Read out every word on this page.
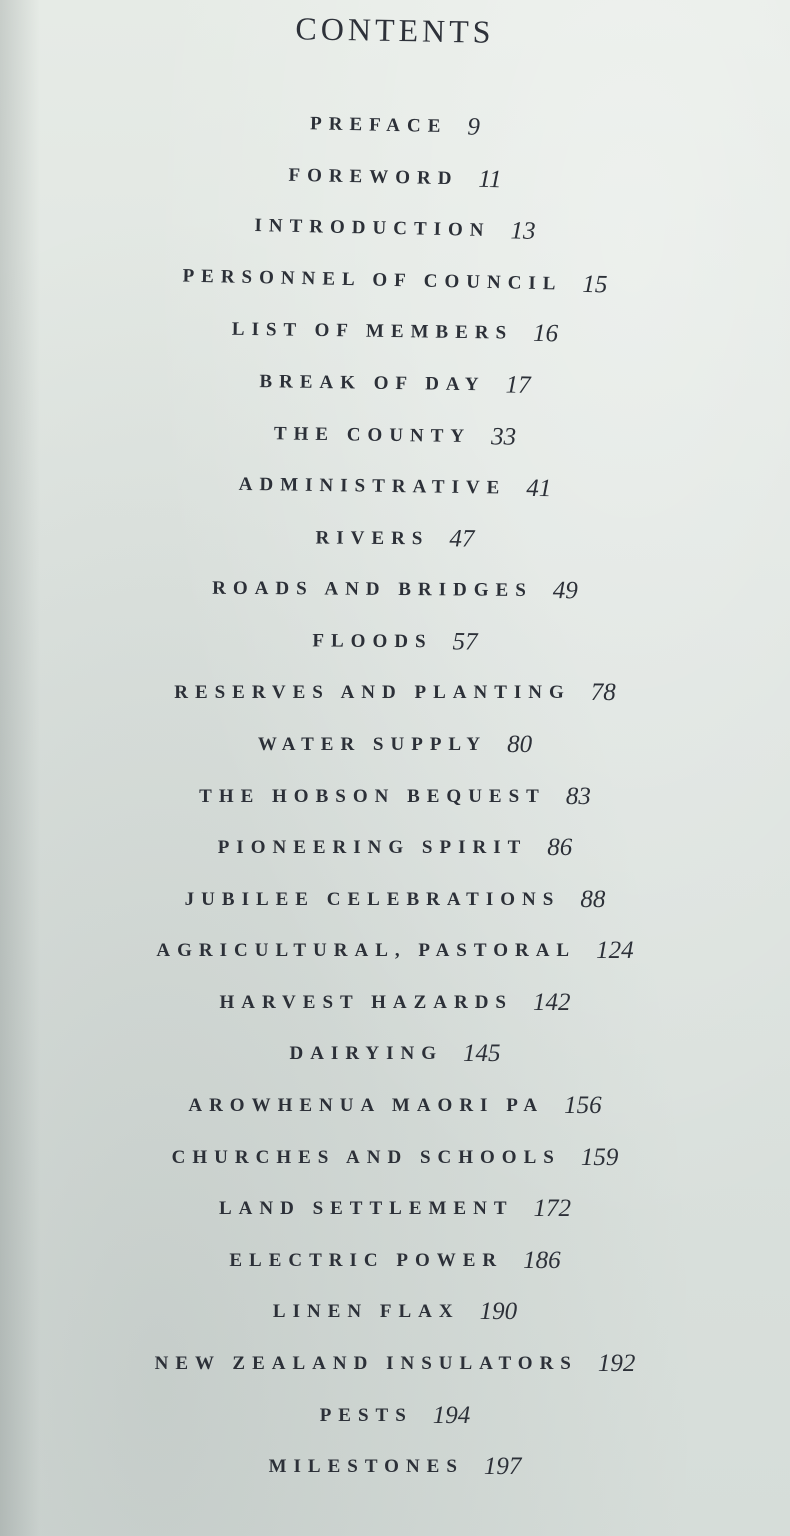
CONTENTS
PREFACE 9
FOREWORD 11
INTRODUCTION 13
PERSONNEL OF COUNCIL 15
LIST OF MEMBERS 16
BREAK OF DAY 17
THE COUNTY 33
ADMINISTRATIVE 41
RIVERS 47
ROADS AND BRIDGES 49
FLOODS 57
RESERVES AND PLANTING 78
WATER SUPPLY 80
THE HOBSON BEQUEST 83
PIONEERING SPIRIT 86
JUBILEE CELEBRATIONS 88
AGRICULTURAL, PASTORAL 124
HARVEST HAZARDS 142
DAIRYING 145
AROWHENUA MAORI PA 156
CHURCHES AND SCHOOLS 159
LAND SETTLEMENT 172
ELECTRIC POWER 186
LINEN FLAX 190
NEW ZEALAND INSULATORS 192
PESTS 194
MILESTONES 197
